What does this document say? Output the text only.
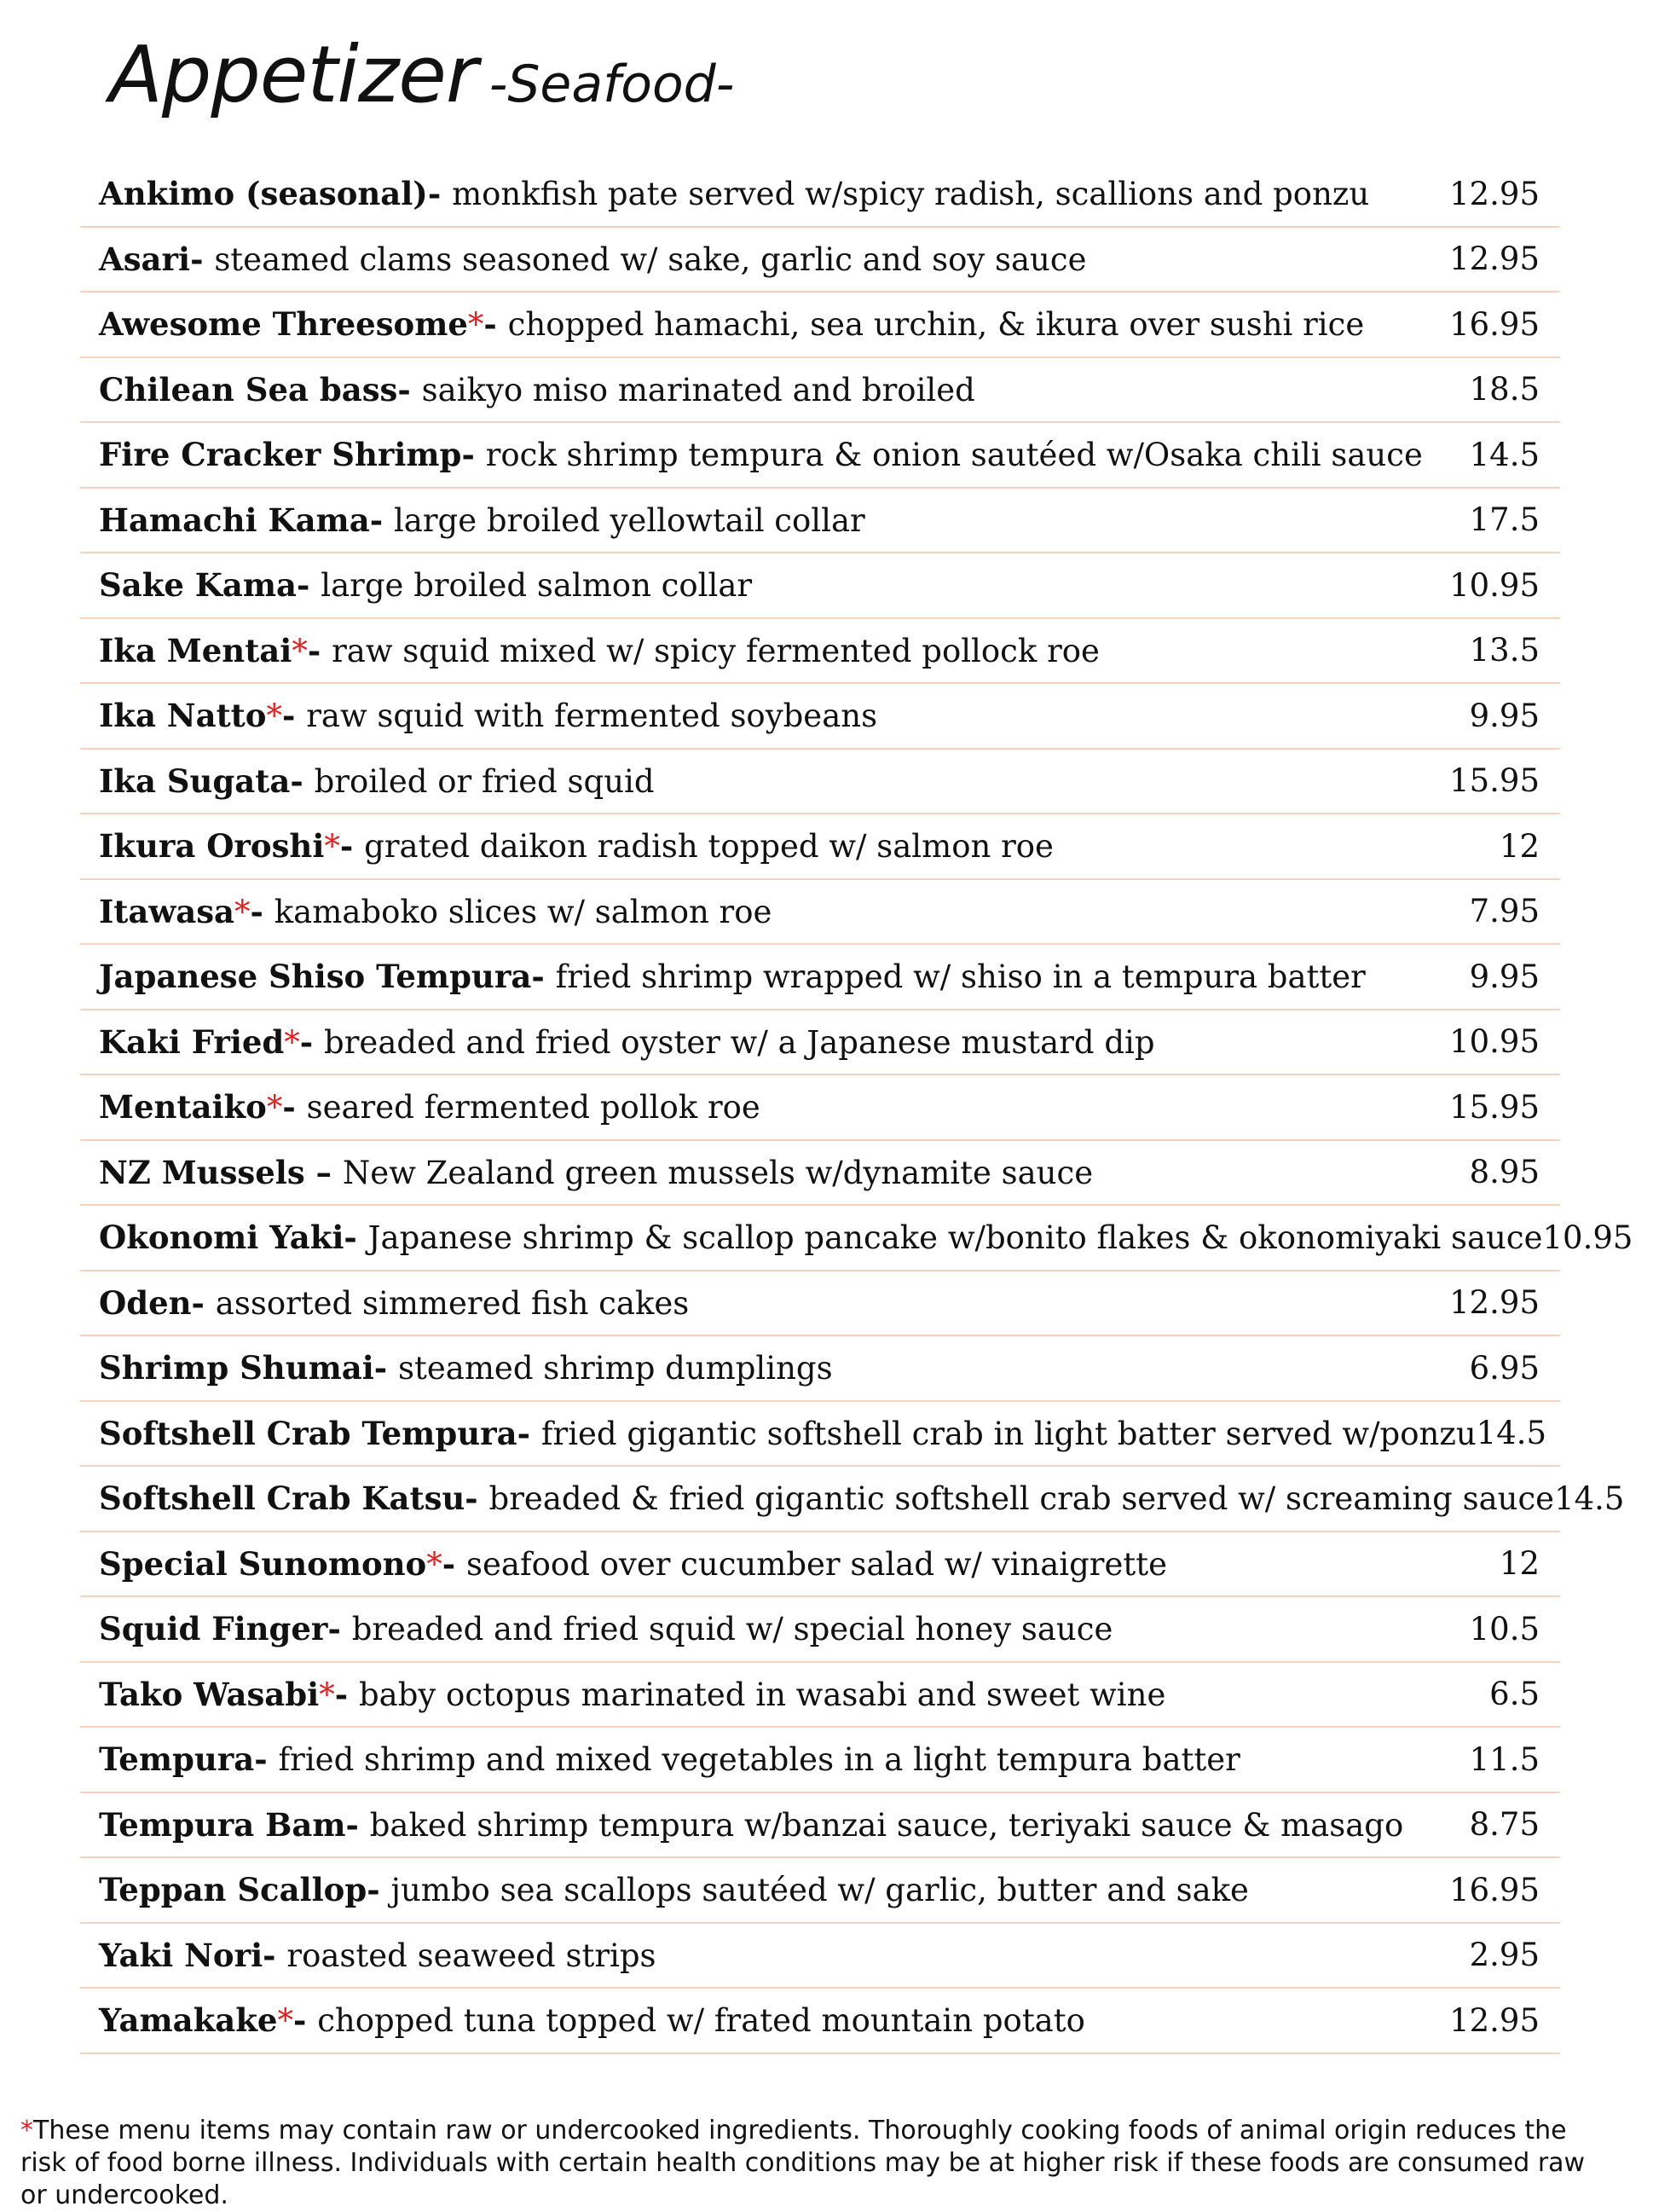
Appetizer -Seafood-
Ankimo (seasonal)- monkfish pate served w/spicy radish, scallions and ponzu	12.95
Asari- steamed clams seasoned w/ sake, garlic and soy sauce	12.95
Awesome Threesome*- chopped hamachi, sea urchin, & ikura over sushi rice	16.95
Chilean Sea bass- saikyo miso marinated and broiled	18.5
Fire Cracker Shrimp- rock shrimp tempura & onion sautéed w/Osaka chili sauce	14.5
Hamachi Kama- large broiled yellowtail collar	17.5
Sake Kama- large broiled salmon collar	10.95
Ika Mentai*- raw squid mixed w/ spicy fermented pollock roe	13.5
Ika Natto*- raw squid with fermented soybeans	9.95
Ika Sugata- broiled or fried squid	15.95
Ikura Oroshi*- grated daikon radish topped w/ salmon roe	12
Itawasa*- kamaboko slices w/ salmon roe	7.95
Japanese Shiso Tempura- fried shrimp wrapped w/ shiso in a tempura batter	9.95
Kaki Fried*- breaded and fried oyster w/ a Japanese mustard dip	10.95
Mentaiko*- seared fermented pollok roe	15.95
NZ Mussels – New Zealand green mussels w/dynamite sauce	8.95
Okonomi Yaki- Japanese shrimp & scallop pancake w/bonito flakes & okonomiyaki sauce 10.95
Oden- assorted simmered fish cakes	12.95
Shrimp Shumai- steamed shrimp dumplings	6.95
Softshell Crab Tempura- fried gigantic softshell crab in light batter served w/ponzu 14.5
Softshell Crab Katsu- breaded & fried gigantic softshell crab served w/ screaming sauce 14.5
Special Sunomono*- seafood over cucumber salad w/ vinaigrette	12
Squid Finger- breaded and fried squid w/ special honey sauce	10.5
Tako Wasabi*- baby octopus marinated in wasabi and sweet wine	6.5
Tempura- fried shrimp and mixed vegetables in a light tempura batter	11.5
Tempura Bam- baked shrimp tempura w/banzai sauce, teriyaki sauce & masago	8.75
Teppan Scallop- jumbo sea scallops sautéed w/ garlic, butter and sake	16.95
Yaki Nori- roasted seaweed strips	2.95
Yamakake*- chopped tuna topped w/ frated mountain potato	12.95
*These menu items may contain raw or undercooked ingredients. Thoroughly cooking foods of animal origin reduces the risk of food borne illness. Individuals with certain health conditions may be at higher risk if these foods are consumed raw or undercooked.
